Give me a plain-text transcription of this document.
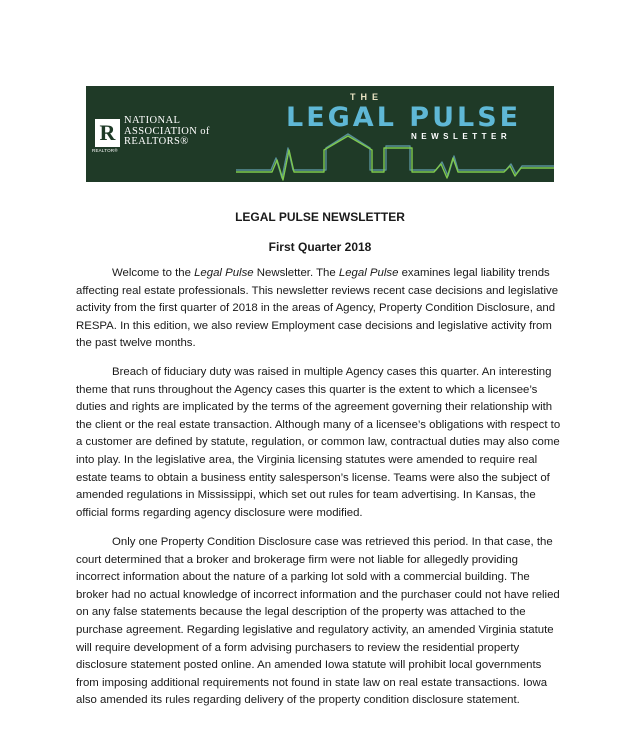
R
REALTOR®
NATIONAL
ASSOCIATION of
REALTORS®
THE
LEGAL PULSE
NEWSLETTER
LEGAL PULSE NEWSLETTER
First Quarter 2018

Welcome to the Legal Pulse Newsletter. The Legal Pulse examines legal liability trends affecting real estate professionals. This newsletter reviews recent case decisions and legislative activity from the first quarter of 2018 in the areas of Agency, Property Condition Disclosure, and RESPA. In this edition, we also review Employment case decisions and legislative activity from the past twelve months.

Breach of fiduciary duty was raised in multiple Agency cases this quarter. An interesting theme that runs throughout the Agency cases this quarter is the extent to which a licensee’s duties and rights are implicated by the terms of the agreement governing their relationship with the client or the real estate transaction. Although many of a licensee’s obligations with respect to a customer are defined by statute, regulation, or common law, contractual duties may also come into play. In the legislative area, the Virginia licensing statutes were amended to require real estate teams to obtain a business entity salesperson’s license. Teams were also the subject of amended regulations in Mississippi, which set out rules for team advertising. In Kansas, the official forms regarding agency disclosure were modified.

Only one Property Condition Disclosure case was retrieved this period. In that case, the court determined that a broker and brokerage firm were not liable for allegedly providing incorrect information about the nature of a parking lot sold with a commercial building. The broker had no actual knowledge of incorrect information and the purchaser could not have relied on any false statements because the legal description of the property was attached to the purchase agreement. Regarding legislative and regulatory activity, an amended Virginia statute will require development of a form advising purchasers to review the residential property disclosure statement posted online. An amended Iowa statute will prohibit local governments from imposing additional requirements not found in state law on real estate transactions. Iowa also amended its rules regarding delivery of the property condition disclosure statement.
